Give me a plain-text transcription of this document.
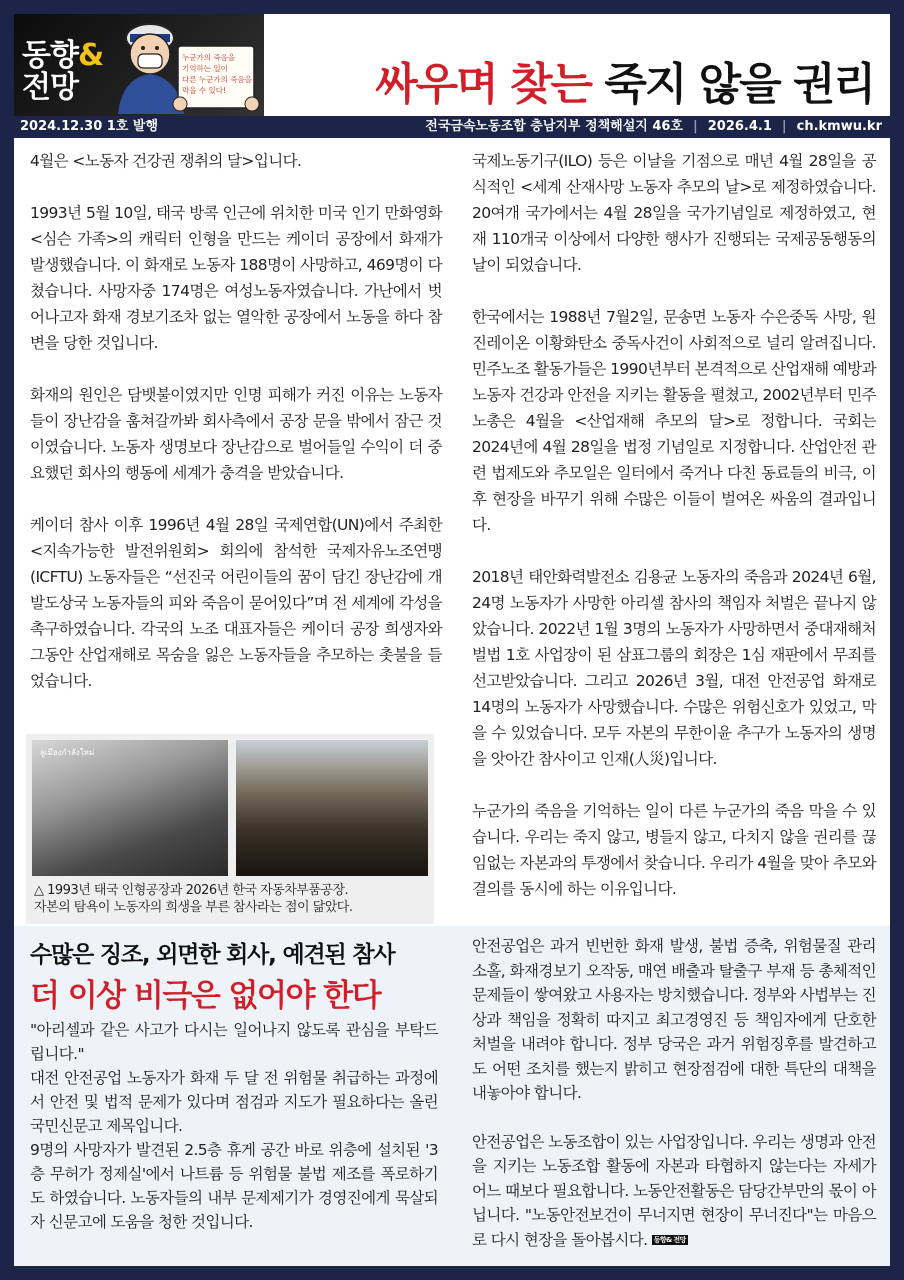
동향&
전망
누군가의 죽음을
기억하는 일이
다른 누군가의 죽음을
막을 수 있다!	싸우며 찾는 죽지 않을 권리
2024.12.30 1호 발행	전국금속노동조합 충남지부 정책해설지 46호 | 2026.4.1 | ch.kmwu.kr

4월은 <노동자 건강권 쟁취의 달>입니다.

1993년 5월 10일, 태국 방콕 인근에 위치한 미국 인기 만화영화 <심슨 가족>의 캐릭터 인형을 만드는 케이더 공장에서 화재가 발생했습니다. 이 화재로 노동자 188명이 사망하고, 469명이 다쳤습니다. 사망자중 174명은 여성노동자였습니다. 가난에서 벗어나고자 화재 경보기조차 없는 열악한 공장에서 노동을 하다 참변을 당한 것입니다.

화재의 원인은 담뱃불이였지만 인명 피해가 커진 이유는 노동자들이 장난감을 훔쳐갈까봐 회사측에서 공장 문을 밖에서 잠근 것이였습니다. 노동자 생명보다 장난감으로 벌어들일 수익이 더 중요했던 회사의 행동에 세계가 충격을 받았습니다.

케이더 참사 이후 1996년 4월 28일 국제연합(UN)에서 주최한 <지속가능한 발전위원회> 회의에 참석한 국제자유노조연맹(ICFTU) 노동자들은 “선진국 어린이들의 꿈이 담긴 장난감에 개발도상국 노동자들의 피와 죽음이 묻어있다”며 전 세계에 각성을 촉구하였습니다. 각국의 노조 대표자들은 케이더 공장 희생자와 그동안 산업재해로 목숨을 잃은 노동자들을 추모하는 촛불을 들었습니다.

ลูเมืองกำลังใหม่
△ 1993년 태국 인형공장과 2026년 한국 자동차부품공장.
자본의 탐욕이 노동자의 희생을 부른 참사라는 점이 닮았다.

국제노동기구(ILO) 등은 이날을 기점으로 매년 4월 28일을 공식적인 <세계 산재사망 노동자 추모의 날>로 제정하였습니다. 20여개 국가에서는 4월 28일을 국가기념일로 제정하였고, 현재 110개국 이상에서 다양한 행사가 진행되는 국제공동행동의 날이 되었습니다.

한국에서는 1988년 7월2일, 문송면 노동자 수은중독 사망, 원진레이온 이황화탄소 중독사건이 사회적으로 널리 알려집니다. 민주노조 활동가들은 1990년부터 본격적으로 산업재해 예방과 노동자 건강과 안전을 지키는 활동을 펼쳤고, 2002년부터 민주노총은 4월을 <산업재해 추모의 달>로 정합니다. 국회는 2024년에 4월 28일을 법정 기념일로 지정합니다. 산업안전 관련 법제도와 추모일은 일터에서 죽거나 다친 동료들의 비극, 이후 현장을 바꾸기 위해 수많은 이들이 벌여온 싸움의 결과입니다.

2018년 태안화력발전소 김용균 노동자의 죽음과 2024년 6월, 24명 노동자가 사망한 아리셀 참사의 책임자 처벌은 끝나지 않았습니다. 2022년 1월 3명의 노동자가 사망하면서 중대재해처벌법 1호 사업장이 된 삼표그룹의 회장은 1심 재판에서 무죄를 선고받았습니다. 그리고 2026년 3월, 대전 안전공업 화재로 14명의 노동자가 사망했습니다. 수많은 위험신호가 있었고, 막을 수 있었습니다. 모두 자본의 무한이윤 추구가 노동자의 생명을 앗아간 참사이고 인재(人災)입니다.

누군가의 죽음을 기억하는 일이 다른 누군가의 죽음 막을 수 있습니다. 우리는 죽지 않고, 병들지 않고, 다치지 않을 권리를 끊임없는 자본과의 투쟁에서 찾습니다. 우리가 4월을 맞아 추모와 결의를 동시에 하는 이유입니다.

수많은 징조, 외면한 회사, 예견된 참사
더 이상 비극은 없어야 한다

"아리셀과 같은 사고가 다시는 일어나지 않도록 관심을 부탁드립니다."

대전 안전공업 노동자가 화재 두 달 전 위험물 취급하는 과정에서 안전 및 법적 문제가 있다며 점검과 지도가 필요하다는 올린 국민신문고 제목입니다.

9명의 사망자가 발견된 2.5층 휴게 공간 바로 위층에 설치된 '3층 무허가 정제실'에서 나트륨 등 위험물 불법 제조를 폭로하기도 하였습니다. 노동자들의 내부 문제제기가 경영진에게 묵살되자 신문고에 도움을 청한 것입니다.

안전공업은 과거 빈번한 화재 발생, 불법 증축, 위험물질 관리 소홀, 화재경보기 오작동, 매연 배출과 탈출구 부재 등 총체적인 문제들이 쌓여왔고 사용자는 방치했습니다. 정부와 사법부는 진상과 책임을 정확히 따지고 최고경영진 등 책임자에게 단호한 처벌을 내려야 합니다. 정부 당국은 과거 위험징후를 발견하고도 어떤 조치를 했는지 밝히고 현장점검에 대한 특단의 대책을 내놓아야 합니다.

안전공업은 노동조합이 있는 사업장입니다. 우리는 생명과 안전을 지키는 노동조합 활동에 자본과 타협하지 않는다는 자세가 어느 때보다 필요합니다. 노동안전활동은 담당간부만의 몫이 아닙니다. "노동안전보건이 무너지면 현장이 무너진다"는 마음으로 다시 현장을 돌아봅시다. 동향& 전망
